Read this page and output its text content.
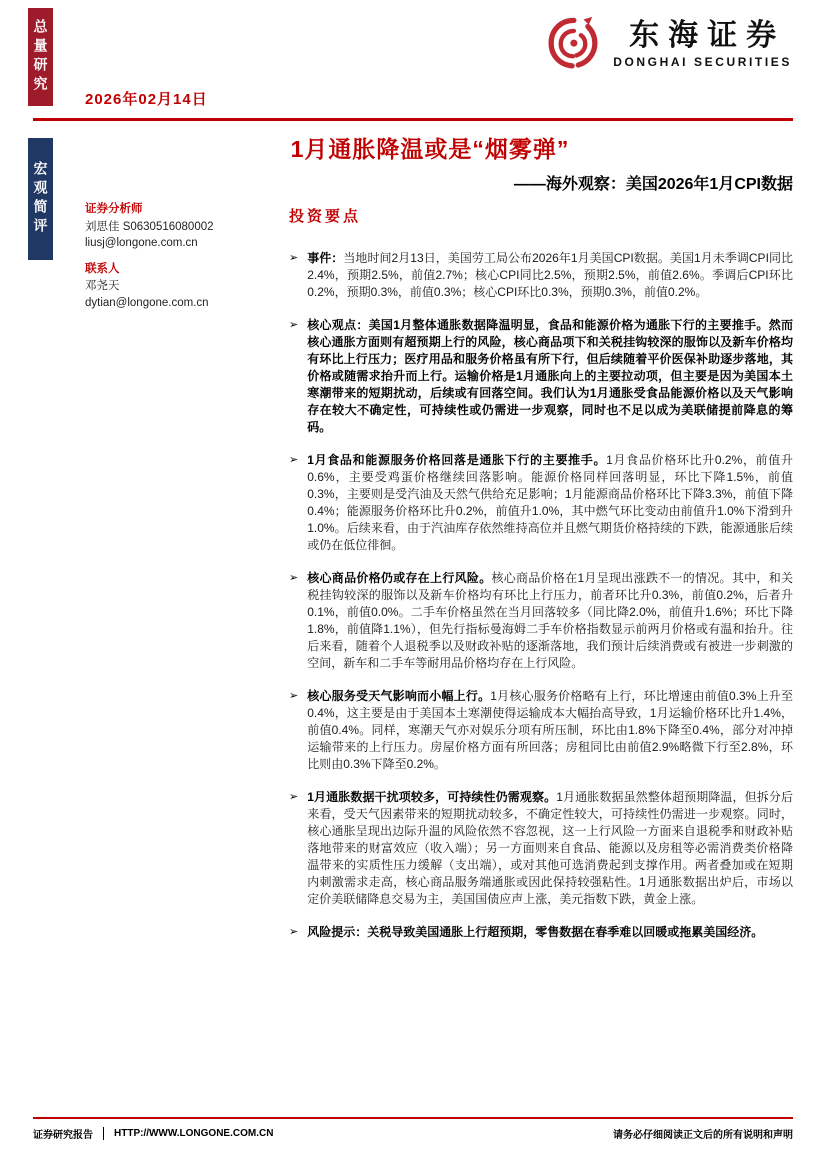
总量研究
2026年02月14日
东海证券
DONGHAI SECURITIES
1月通胀降温或是“烟雾弹”
——海外观察：美国2026年1月CPI数据
宏观简评	证券分析师
刘思佳 S0630516080002
liusj@longone.com.cn
联系人
邓尧天
dytian@longone.com.cn
投资要点
➢ 事件：当地时间2月13日，美国劳工局公布2026年1月美国CPI数据。美国1月未季调CPI同比2.4%，预期2.5%，前值2.7%；核心CPI同比2.5%，预期2.5%，前值2.6%。季调后CPI环比0.2%，预期0.3%，前值0.3%；核心CPI环比0.3%，预期0.3%，前值0.2%。

➢ 核心观点：美国1月整体通胀数据降温明显，食品和能源价格为通胀下行的主要推手。然而核心通胀方面则有超预期上行的风险，核心商品项下和关税挂钩较深的服饰以及新车价格均有环比上行压力；医疗用品和服务价格虽有所下行，但后续随着平价医保补助逐步落地，其价格或随需求抬升而上行。运输价格是1月通胀向上的主要拉动项，但主要是因为美国本土寒潮带来的短期扰动，后续或有回落空间。我们认为1月通胀受食品能源价格以及天气影响存在较大不确定性，可持续性或仍需进一步观察，同时也不足以成为美联储提前降息的筹码。

➢ 1月食品和能源服务价格回落是通胀下行的主要推手。1月食品价格环比升0.2%，前值升0.6%，主要受鸡蛋价格继续回落影响。能源价格同样回落明显，环比下降1.5%，前值0.3%，主要则是受汽油及天然气供给充足影响；1月能源商品价格环比下降3.3%，前值下降0.4%；能源服务价格环比升0.2%，前值升1.0%，其中燃气环比变动由前值升1.0%下滑到升1.0%。后续来看，由于汽油库存依然维持高位并且燃气期货价格持续的下跌，能源通胀后续或仍在低位徘徊。

➢ 核心商品价格仍或存在上行风险。核心商品价格在1月呈现出涨跌不一的情况。其中，和关税挂钩较深的服饰以及新车价格均有环比上行压力，前者环比升0.3%，前值0.2%，后者升0.1%，前值0.0%。二手车价格虽然在当月回落较多（同比降2.0%，前值升1.6%；环比下降1.8%，前值降1.1%），但先行指标曼海姆二手车价格指数显示前两月价格或有温和抬升。往后来看，随着个人退税季以及财政补贴的逐渐落地，我们预计后续消费或有被进一步刺激的空间，新车和二手车等耐用品价格均存在上行风险。

➢ 核心服务受天气影响而小幅上行。1月核心服务价格略有上行，环比增速由前值0.3%上升至0.4%，这主要是由于美国本土寒潮使得运输成本大幅抬高导致，1月运输价格环比升1.4%，前值0.4%。同样，寒潮天气亦对娱乐分项有所压制，环比由1.8%下降至0.4%，部分对冲掉运输带来的上行压力。房屋价格方面有所回落；房租同比由前值2.9%略微下行至2.8%，环比则由0.3%下降至0.2%。

➢ 1月通胀数据干扰项较多，可持续性仍需观察。1月通胀数据虽然整体超预期降温，但拆分后来看，受天气因素带来的短期扰动较多，不确定性较大，可持续性仍需进一步观察。同时，核心通胀呈现出边际升温的风险依然不容忽视，这一上行风险一方面来自退税季和财政补贴落地带来的财富效应（收入端）；另一方面则来自食品、能源以及房租等必需消费类价格降温带来的实质性压力缓解（支出端），或对其他可选消费起到支撑作用。两者叠加或在短期内刺激需求走高，核心商品服务端通胀或因此保持较强粘性。1月通胀数据出炉后，市场以定价美联储降息交易为主，美国国债应声上涨，美元指数下跌，黄金上涨。

➢ 风险提示：关税导致美国通胀上行超预期，零售数据在春季难以回暖或拖累美国经济。

证券研究报告 HTTP://WWW.LONGONE.COM.CN	请务必仔细阅读正文后的所有说明和声明
